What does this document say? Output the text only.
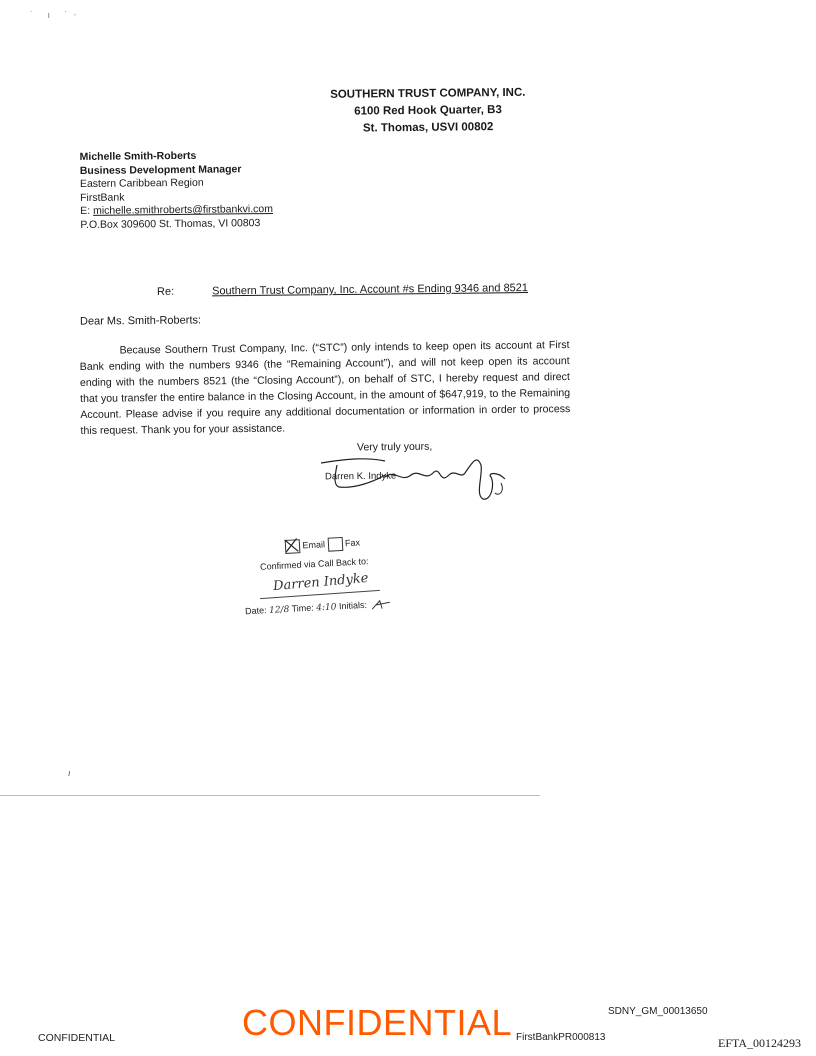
˙ ı ˙‧
SOUTHERN TRUST COMPANY, INC.
6100 Red Hook Quarter, B3
St. Thomas, USVI 00802
Michelle Smith-Roberts
Business Development Manager
Eastern Caribbean Region
FirstBank
E: michelle.smithroberts@firstbankvi.com
P.O.Box 309600 St. Thomas, VI 00803
Re:	Southern Trust Company, Inc. Account #s Ending 9346 and 8521
Dear Ms. Smith-Roberts:
Because Southern Trust Company, Inc. (“STC”) only intends to keep open its account at First Bank ending with the numbers 9346 (the “Remaining Account”), and will not keep open its account ending with the numbers 8521 (the “Closing Account”), on behalf of STC, I hereby request and direct that you transfer the entire balance in the Closing Account, in the amount of $647,919, to the Remaining Account. Please advise if you require any additional documentation or information in order to process this request. Thank you for your assistance.
Very truly yours,
Darren K. Indyke
Email Fax
Confirmed via Call Back to:
Darren Indyke
Date: 12/8 Time: 4:10 Initials:
ı
SDNY_GM_00013650
CONFIDENTIAL
CONFIDENTIAL	FirstBankPR000813	EFTA_00124293
